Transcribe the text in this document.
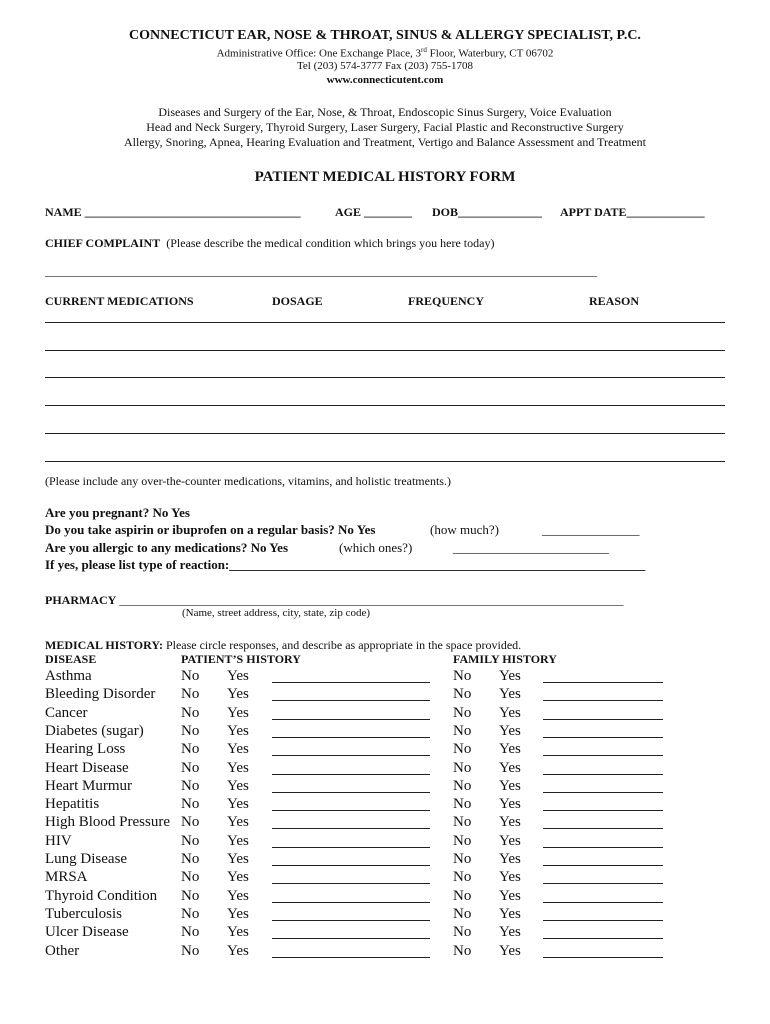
CONNECTICUT EAR, NOSE & THROAT, SINUS & ALLERGY SPECIALIST, P.C.
Administrative Office: One Exchange Place, 3rd Floor, Waterbury, CT 06702
Tel (203) 574-3777 Fax (203) 755-1708
www.connecticutent.com
Diseases and Surgery of the Ear, Nose, & Throat, Endoscopic Sinus Surgery, Voice Evaluation
Head and Neck Surgery, Thyroid Surgery, Laser Surgery, Facial Plastic and Reconstructive Surgery
Allergy, Snoring, Apnea, Hearing Evaluation and Treatment, Vertigo and Balance Assessment and Treatment
PATIENT MEDICAL HISTORY FORM
NAME ____________________________________	AGE ________ DOB______________ APPT DATE_____________
CHIEF COMPLAINT (Please describe the medical condition which brings you here today)
____________________________________________________________________________________________
CURRENT MEDICATIONS	DOSAGE	FREQUENCY	REASON
(Please include any over-the-counter medications, vitamins, and holistic treatments.)
Are you pregnant? No Yes
Do you take aspirin or ibuprofen on a regular basis? No Yes	(how much?)	_______________
Are you allergic to any medications? No Yes	(which ones?)	________________________
If yes, please list type of reaction:________________________________________________________________
PHARMACY ____________________________________________________________________________________
(Name, street address, city, state, zip code)
MEDICAL HISTORY: Please circle responses, and describe as appropriate in the space provided.
DISEASE	PATIENT’S HISTORY	FAMILY HISTORY
Asthma	No Yes	No Yes
Bleeding Disorder No Yes	No Yes
Cancer	No Yes	No Yes
Diabetes (sugar) No Yes	No Yes
Hearing Loss	No Yes	No Yes
Heart Disease	No Yes	No Yes
Heart Murmur	No Yes	No Yes
Hepatitis	No Yes	No Yes
High Blood Pressure No Yes	No Yes
HIV	No Yes	No Yes
Lung Disease	No Yes	No Yes
MRSA	No Yes	No Yes
Thyroid Condition No Yes	No Yes
Tuberculosis	No Yes	No Yes
Ulcer Disease	No Yes	No Yes
Other	No Yes	No Yes
